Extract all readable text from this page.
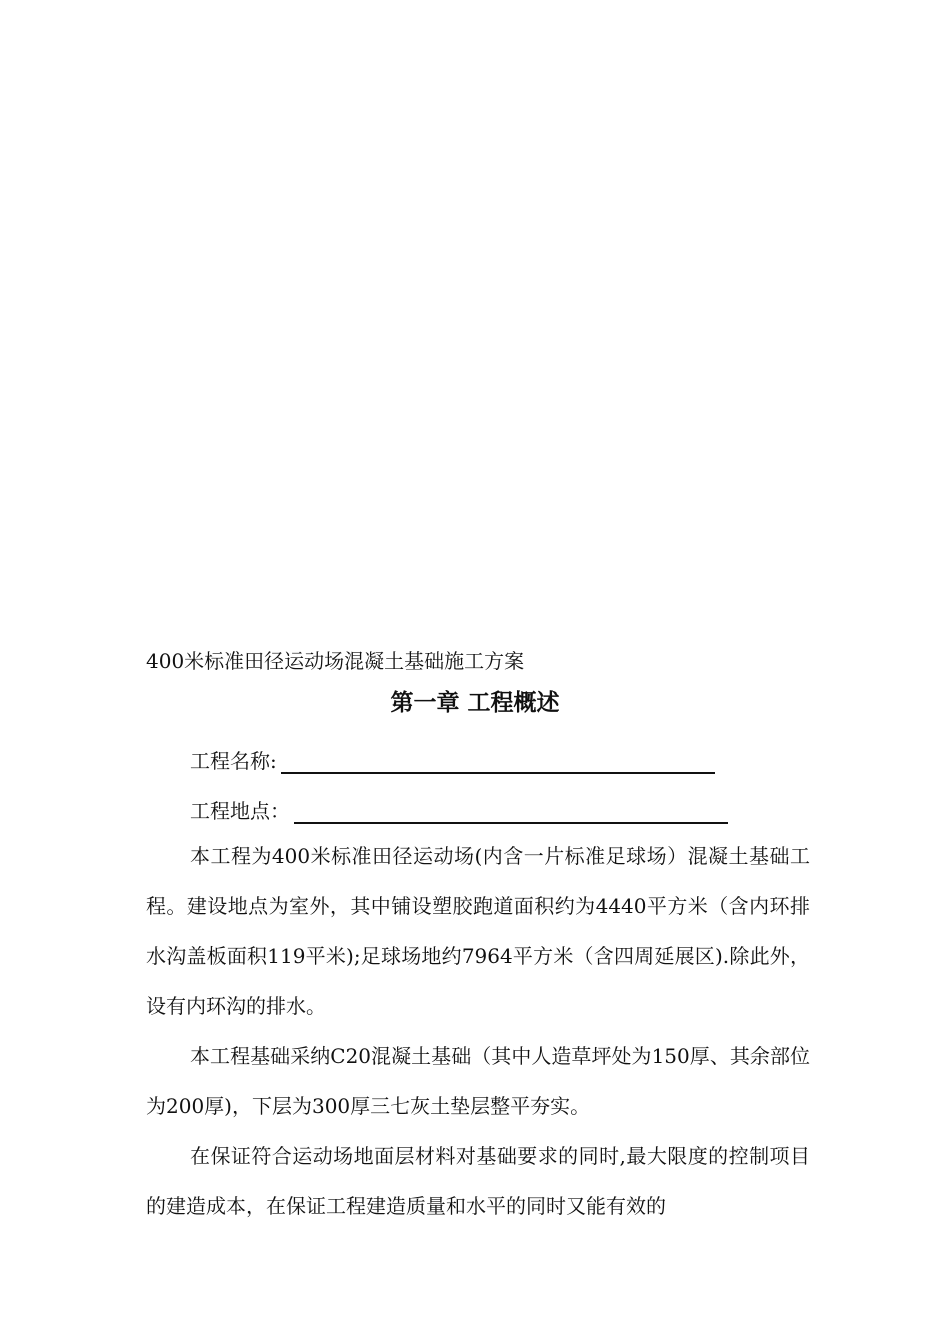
400米标准田径运动场混凝土基础施工方案
第一章 工程概述
工程名称:
工程地点：

本工程为400米标准田径运动场(内含一片标准足球场）混凝土基础工程。建设地点为室外，其中铺设塑胶跑道面积约为4440平方米（含内环排水沟盖板面积119平米);足球场地约7964平方米（含四周延展区).除此外，设有内环沟的排水。

本工程基础采纳C20混凝土基础（其中人造草坪处为150厚、其余部位为200厚)，下层为300厚三七灰土垫层整平夯实。

在保证符合运动场地面层材料对基础要求的同时,最大限度的控制项目的建造成本，在保证工程建造质量和水平的同时又能有效的
